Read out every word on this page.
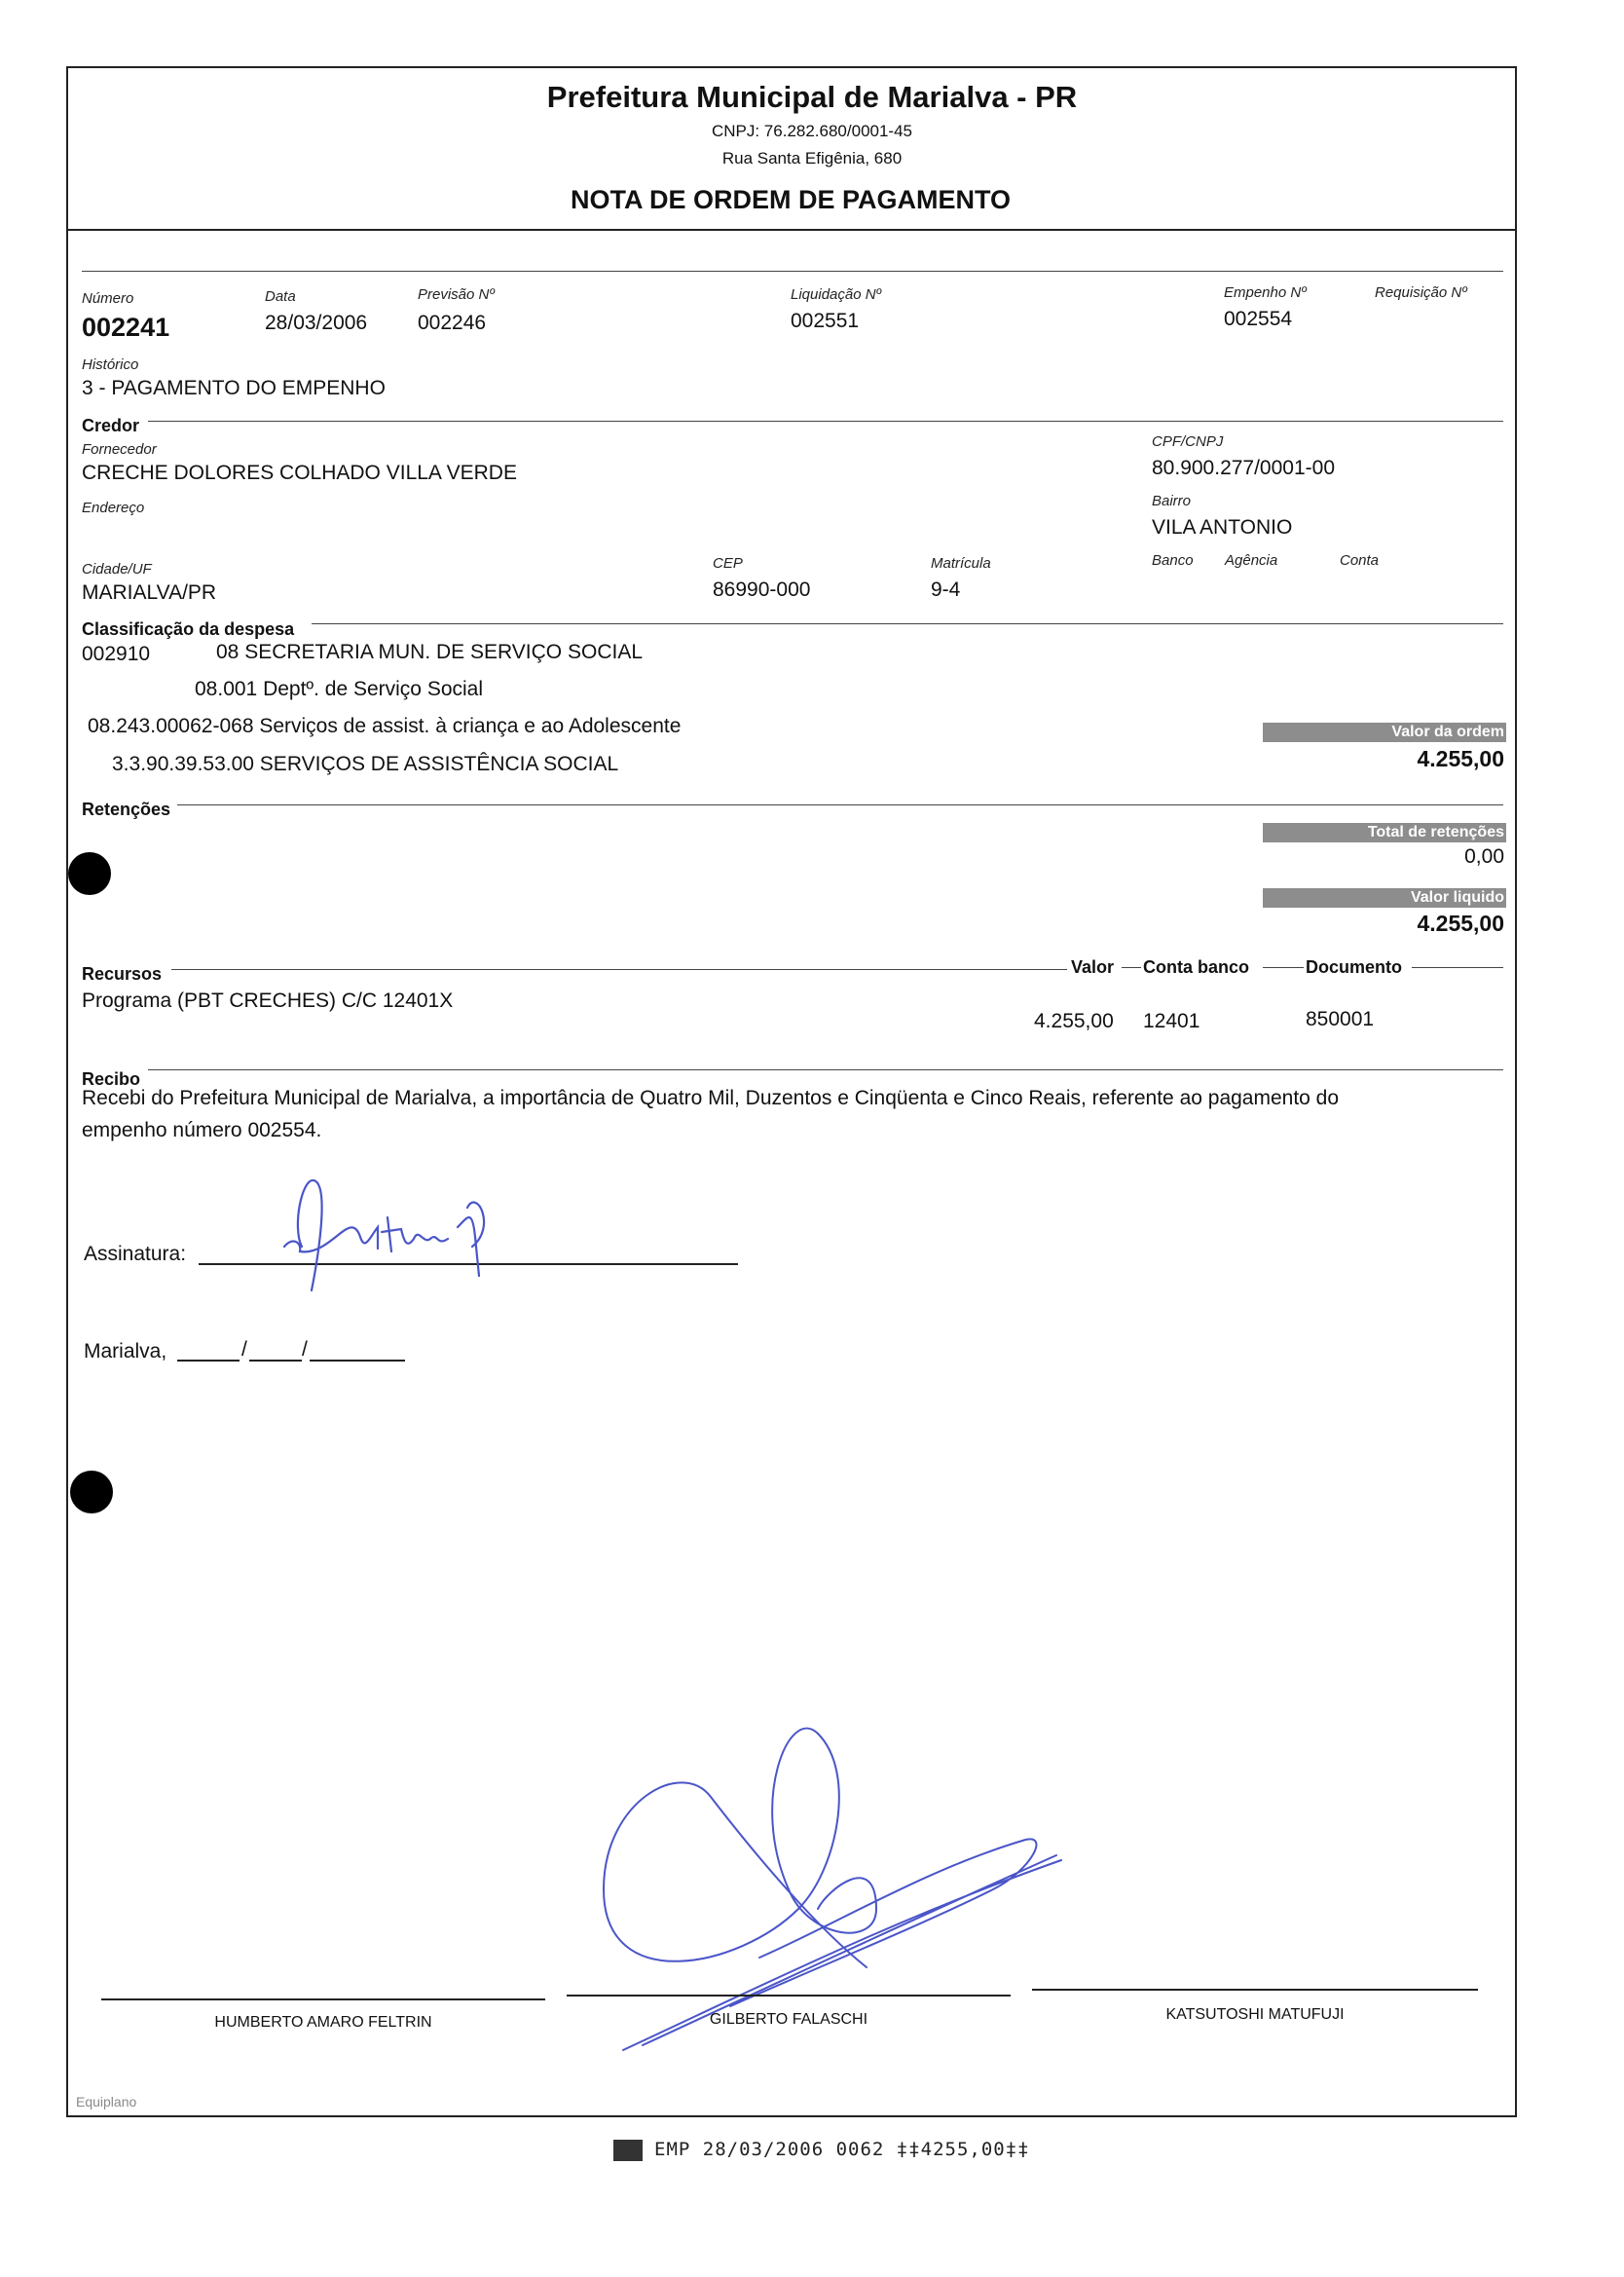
Prefeitura Municipal de Marialva - PR
CNPJ: 76.282.680/0001-45
Rua Santa Efigênia, 680
NOTA DE ORDEM DE PAGAMENTO
Número
002241
Data
28/03/2006
Previsão Nº
002246
Liquidação Nº
002551
Empenho Nº
002554
Requisição Nº
Histórico
3 - PAGAMENTO DO EMPENHO
Credor
Fornecedor
CRECHE DOLORES COLHADO VILLA VERDE
CPF/CNPJ
80.900.277/0001-00
Endereço	Bairro
VILA ANTONIO
Cidade/UF
MARIALVA/PR
CEP
86990-000
Matrícula
9-4
Banco Agência	Conta
Classificação da despesa
002910	08 SECRETARIA MUN. DE SERVIÇO SOCIAL
08.001 Deptº. de Serviço Social
08.243.00062-068 Serviços de assist. à criança e ao Adolescente
3.3.90.39.53.00 SERVIÇOS DE ASSISTÊNCIA SOCIAL
Valor da ordem
4.255,00
Retenções
Total de retenções
0,00
Valor liquido
4.255,00
Recursos	Valor Conta banco	Documento
Programa (PBT CRECHES) C/C 12401X
4.255,00 12401	850001
Recibo
Recebi do Prefeitura Municipal de Marialva, a importância de Quatro Mil, Duzentos e Cinqüenta e Cinco Reais, referente ao pagamento do
empenho número 002554.
Assinatura:
Marialva,	/	/
HUMBERTO AMARO FELTRIN	GILBERTO FALASCHI	KATSUTOSHI MATUFUJI
Equiplano
EMP 28/03/2006 0062 ‡‡4255,00‡‡
